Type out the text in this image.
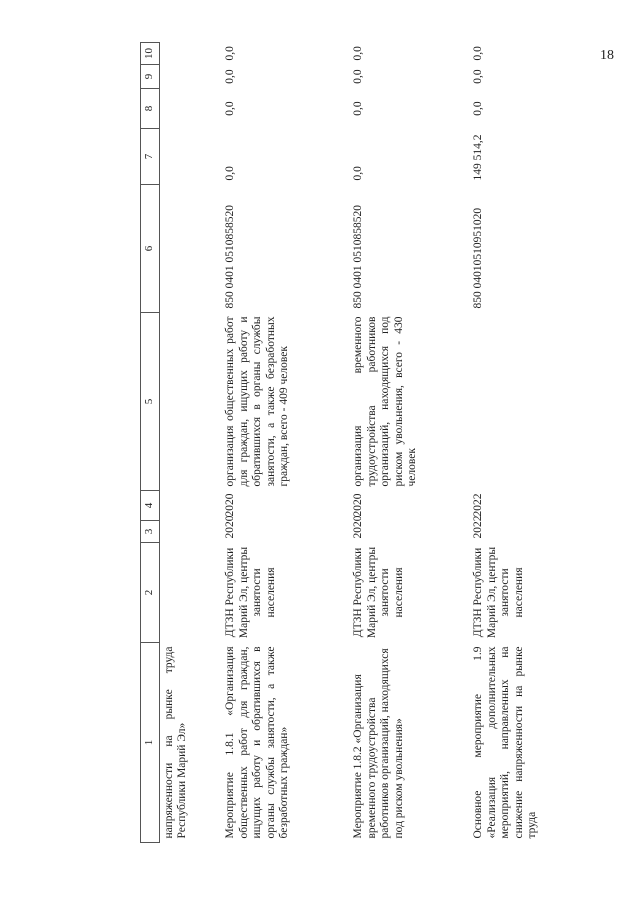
18
1	2	3	4	5	6	7	8	9	10
напряженности на рынке труда Республики Марий Эл»									
Мероприятие 1.8.1 «Организация общественных работ для граждан, ищущих работу и обратившихся в органы службы занятости, а также безработных граждан»	ДТЗН Республики Марий Эл, центры занятости населения	2020	2020	организация общественных работ для граждан, ищущих работу и обратившихся в органы службы занятости, а также безработных граждан, всего - 409 человек	850 0401 0510858520	0,0	0,0	0,0	0,0
Мероприятие 1.8.2 «Организация временного трудоустройства работников организаций, находящихся под риском увольнения»	ДТЗН Республики Марий Эл, центры занятости населения	2020	2020	организация временного трудоустройства работников организаций, находящихся под риском увольнения, всего - 430 человек	850 0401 0510858520	0,0	0,0	0,0	0,0
Основное мероприятие 1.9 «Реализация дополнительных мероприятий, направленных на снижение напряженности на рынке труда	ДТЗН Республики Марий Эл, центры занятости населения	2022	2022		850 04010510951020	149 514,2	0,0	0,0	0,0
